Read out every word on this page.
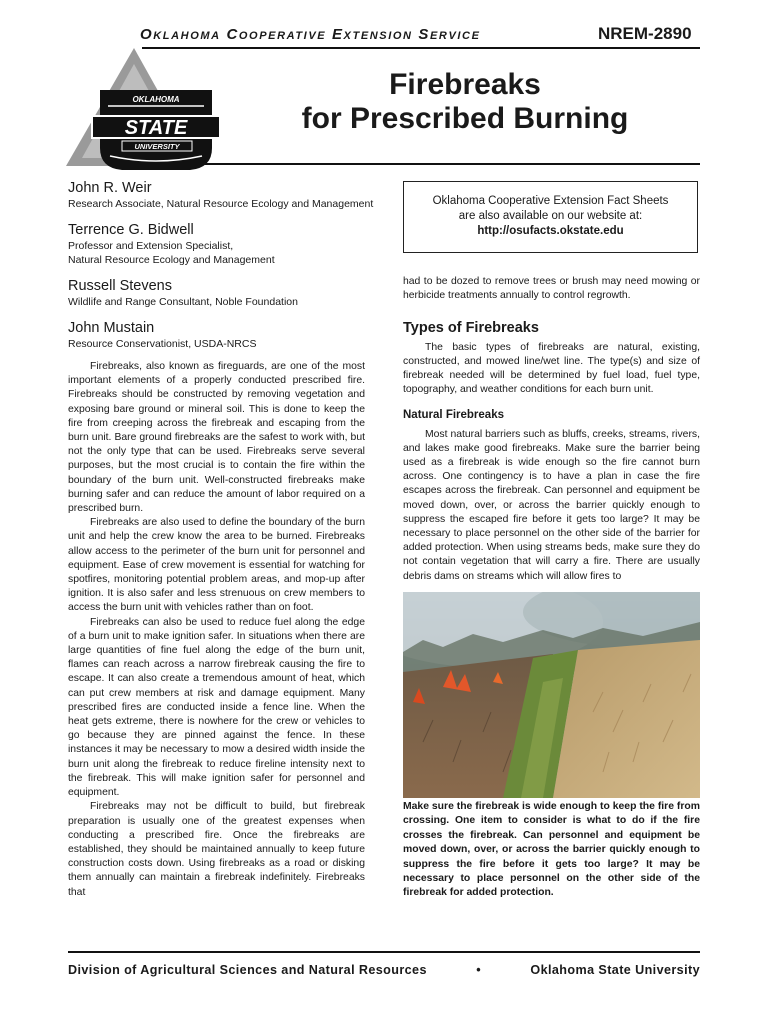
Oklahoma Cooperative Extension Service	NREM-2890
OKLAHOMA
STATE
UNIVERSITY
Firebreaks
for Prescribed Burning
John R. Weir
Research Associate, Natural Resource Ecology and Management
Terrence G. Bidwell
Professor and Extension Specialist,
Natural Resource Ecology and Management
Russell Stevens
Wildlife and Range Consultant, Noble Foundation
John Mustain
Resource Conservationist, USDA-NRCS

Firebreaks, also known as fireguards, are one of the most important elements of a properly conducted prescribed fire. Firebreaks should be constructed by removing vegetation and exposing bare ground or mineral soil. This is done to keep the fire from creeping across the firebreak and escaping from the burn unit. Bare ground firebreaks are the safest to work with, but not the only type that can be used. Firebreaks serve several purposes, but the most crucial is to contain the fire within the boundary of the burn unit. Well-constructed firebreaks make burning safer and can reduce the amount of labor required on a prescribed burn.

Firebreaks are also used to define the boundary of the burn unit and help the crew know the area to be burned. Firebreaks allow access to the perimeter of the burn unit for personnel and equipment. Ease of crew movement is essential for watching for spotfires, monitoring potential problem areas, and mop-up after ignition. It is also safer and less strenuous on crew members to access the burn unit with vehicles rather than on foot.

Firebreaks can also be used to reduce fuel along the edge of a burn unit to make ignition safer. In situations when there are large quantities of fine fuel along the edge of the burn unit, flames can reach across a narrow firebreak causing the fire to escape. It can also create a tremendous amount of heat, which can put crew members at risk and damage equipment. Many prescribed fires are conducted inside a fence line. When the heat gets extreme, there is nowhere for the crew or vehicles to go because they are pinned against the fence. In these instances it may be necessary to mow a desired width inside the burn unit along the firebreak to reduce fireline intensity next to the firebreak. This will make ignition safer for personnel and equipment.

Firebreaks may not be difficult to build, but firebreak preparation is usually one of the greatest expenses when conducting a prescribed fire. Once the firebreaks are established, they should be maintained annually to keep future construction costs down. Using firebreaks as a road or disking them annually can maintain a firebreak indefinitely. Firebreaks that

Oklahoma Cooperative Extension Fact Sheets
are also available on our website at:
http://osufacts.okstate.edu

had to be dozed to remove trees or brush may need mowing or herbicide treatments annually to control regrowth.

Types of Firebreaks

The basic types of firebreaks are natural, existing, constructed, and mowed line/wet line. The type(s) and size of firebreak needed will be determined by fuel load, fuel type, topography, and weather conditions for each burn unit.

Natural Firebreaks

Most natural barriers such as bluffs, creeks, streams, rivers, and lakes make good firebreaks. Make sure the barrier being used as a firebreak is wide enough so the fire cannot burn across. One contingency is to have a plan in case the fire escapes across the firebreak. Can personnel and equipment be moved down, over, or across the barrier quickly enough to suppress the escaped fire before it gets too large? It may be necessary to place personnel on the other side of the barrier for added protection. When using streams beds, make sure they do not contain vegetation that will carry a fire. There are usually debris dams on streams which will allow fires to

Make sure the firebreak is wide enough to keep the fire from crossing. One item to consider is what to do if the fire crosses the firebreak. Can personnel and equipment be moved down, over, or across the barrier quickly enough to suppress the fire before it gets too large? It may be necessary to place personnel on the other side of the firebreak for added protection.
Division of Agricultural Sciences and Natural Resources	•	Oklahoma State University
